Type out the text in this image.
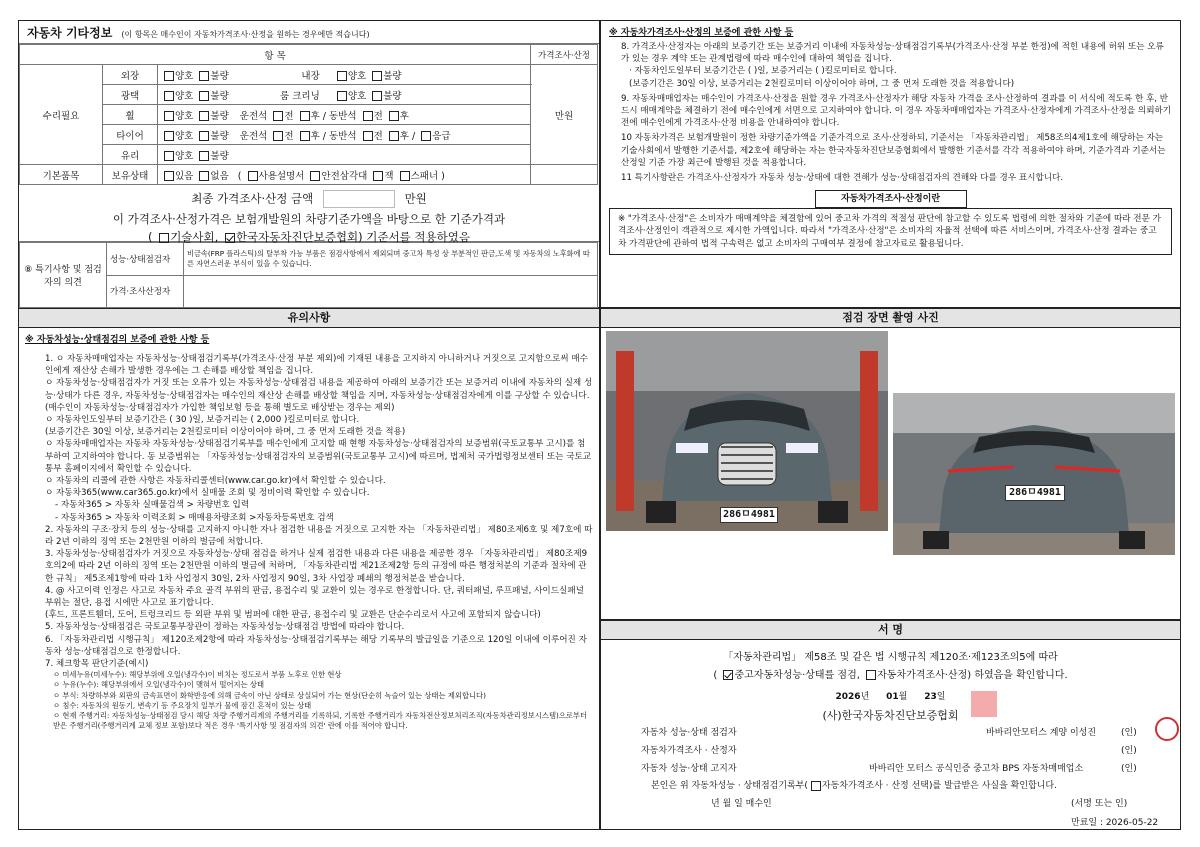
자동차 기타정보 (이 항목은 매수인이 자동차가격조사·산정을 원하는 경우에만 적습니다)
항 목			가격조사·산정
수리필요	외장	양호 불량 내장 양호 불량	만원
	광택	양호 불량 룸 크리닝 양호 불량	
	휠	양호 불량 운전석 전 후 / 동반석 전 후	
	타이어	양호 불량 운전석 전 후 / 동반석 전 후 / 응급	
	유리	양호 불량	
기본품목	보유상태	있음 없음 ( 사용설명서 안전삼각대 잭 스패너 )	
최종 가격조사·산정 금액	만원
이 가격조사·산정가격은 보험개발원의 차량기준가액을 바탕으로 한 기준가격과
( 기술사회, 한국자동차진단보증협회) 기준서를 적용하였음
⑧ 특기사항 및 점검자의 의견	성능·상태점검자	비금속(FRP 플라스틱)의 탈부착 가능 부품은 점검사항에서 제외되며 중고차 특성 상 부분적인 판금,도색 및 자동차의 노후화에 따른 자연스러운 부식이 있을 수 있습니다.
	가격·조사산정자	
※ 자동차가격조사·산정의 보증에 관한 사항 등

8. 가격조사·산정자는 아래의 보증기간 또는 보증거리 이내에 자동차성능·상태점검기록부(가격조사·산정 부분 한정)에 적힌 내용에 허위 또는 오류가 있는 경우 계약 또는 관계법령에 따라 매수인에 대하여 책임을 집니다.

· 자동차인도일부터 보증기간은 ( )일, 보증거리는 ( )킬로미터로 합니다.

(보증기간은 30일 이상, 보증거리는 2천킬로미터 이상이어야 하며, 그 중 먼저 도래한 것을 적용합니다)

9. 자동차매매업자는 매수인이 가격조사·산정을 원할 경우 가격조사·산정자가 해당 자동차 가격을 조사·산정하여 결과를 이 서식에 적도록 한 후, 반드시 매매계약을 체결하기 전에 매수인에게 서면으로 고지하여야 합니다. 이 경우 자동차매매업자는 가격조사·산정자에게 가격조사·산정을 의뢰하기 전에 매수인에게 가격조사·산정 비용을 안내하여야 합니다.

10 자동차가격은 보험개발원이 정한 차량기준가액을 기준가격으로 조사·산정하되, 기준서는 「자동차관리법」 제58조의4제1호에 해당하는 자는 기술사회에서 발행한 기준서를, 제2호에 해당하는 자는 한국자동차진단보증협회에서 발행한 기준서를 각각 적용하여야 하며, 기준가격과 기준서는 산정일 기준 가장 최근에 발행된 것을 적용합니다.

11 특기사항란은 가격조사·산정자가 자동차 성능·상태에 대한 견해가 성능·상태점검자의 견해와 다를 경우 표시합니다.

자동차가격조사·산정이란
※ "가격조사·산정"은 소비자가 매매계약을 체결함에 있어 중고차 가격의 적절성 판단에 참고할 수 있도록 법령에 의한 절차와 기준에 따라 전문 가격조사·산정인이 객관적으로 제시한 가액입니다. 따라서 "가격조사·산정"은 소비자의 자율적 선택에 따른 서비스이며, 가격조사·산정 결과는 중고차 가격판단에 관하여 법적 구속력은 없고 소비자의 구매여부 결정에 참고자료로 활용됩니다.
유의사항
※ 자동차성능·상태점검의 보증에 관한 사항 등

1. ㅇ 자동차매매업자는 자동차성능·상태점검기록부(가격조사·산정 부분 제외)에 기재된 내용을 고지하지 아니하거나 거짓으로 고지함으로써 매수인에게 재산상 손해가 발생한 경우에는 그 손해를 배상할 책임을 집니다.

ㅇ 자동차성능·상태점검자가 거짓 또는 오류가 있는 자동차성능·상태점검 내용을 제공하여 아래의 보증기간 또는 보증거리 이내에 자동차의 실제 성능·상태가 다른 경우, 자동차성능·상태점검자는 매수인의 재산상 손해를 배상할 책임을 지며, 자동차성능·상태점검자에게 이를 구상할 수 있습니다.(매수인이 자동차성능·상태점검자가 가입한 책임보험 등을 통해 별도로 배상받는 경우는 제외)

ㅇ 자동차인도일부터 보증기간은 ( 30 )일, 보증거리는 ( 2,000 )킬로미터로 합니다.

(보증기간은 30일 이상, 보증거리는 2천킬로미터 이상이어야 하며, 그 중 먼저 도래한 것을 적용)

ㅇ 자동차매매업자는 자동차 자동차성능·상태점검기록부를 매수인에게 고지할 때 현행 자동차성능·상태점검자의 보증범위(국토교통부 고시)를 첨부하여 고지하여야 합니다. 동 보증범위는 「자동차성능·상태점검자의 보증범위(국토교통부 고시)에 따르며, 법제처 국가법령정보센터 또는 국토교통부 홈페이지에서 확인할 수 있습니다.

ㅇ 자동차의 리콜에 관한 사항은 자동차리콜센터(www.car.go.kr)에서 확인할 수 있습니다.

ㅇ 자동차365(www.car365.go.kr)에서 실매물 조회 및 정비이력 확인할 수 있습니다.

- 자동차365 > 자동차 실매물검색 > 차량번호 입력

- 자동차365 > 자동차 이력조회 > 매매용차량조회 >자동차등록번호 검색

2. 자동차의 구조·장치 등의 성능·상태를 고지하지 아니한 자나 점검한 내용을 거짓으로 고지한 자는 「자동차관리법」 제80조제6호 및 제7호에 따라 2년 이하의 징역 또는 2천만원 이하의 벌금에 처합니다.

3. 자동차성능·상태점검자가 거짓으로 자동차성능·상태 점검을 하거나 실제 점검한 내용과 다른 내용을 제공한 경우 「자동차관리법」 제80조제9호의2에 따라 2년 이하의 징역 또는 2천만원 이하의 벌금에 처하며, 「자동차관리법 제21조제2항 등의 규정에 따른 행정처분의 기준과 절차에 관한 규칙」 제5조제1항에 따라 1차 사업정지 30일, 2차 사업정지 90일, 3차 사업장 폐쇄의 행정처분을 받습니다.

4. @ 사고이력 인정은 사고로 자동차 주요 골격 부위의 판금, 용접수리 및 교환이 있는 경우로 한정합니다. 단, 쿼터패널, 루프패널, 사이드실패널 부위는 절단, 용접 시에만 사고로 표기합니다.

(후드, 프론트휀더, 도어, 트렁크리드 등 외판 부위 및 범퍼에 대한 판금, 용접수리 및 교환은 단순수리로서 사고에 포함되지 않습니다)

5. 자동차성능·상태점검은 국토교통부장관이 정하는 자동차성능·상태점검 방법에 따라야 합니다.

6. 「자동차관리법 시행규칙」 제120조제2항에 따라 자동차성능·상태점검기록부는 해당 기록부의 발급일을 기준으로 120일 이내에 이루어진 자동차 성능·상태점검으로 한정합니다.

7. 체크항목 판단기준(예시)

ㅇ 미세누유(미세누수): 해당부위에 오일(냉각수)이 비치는 정도로서 부품 노후로 인한 현상

ㅇ 누유(누수): 해당부위에서 오일(냉각수)이 맺혀서 떨어지는 상태

ㅇ 부식: 차량하부와 외판의 금속표면이 화학반응에 의해 금속이 아닌 상태로 상실되어 가는 현상(단순히 녹슬어 있는 상태는 제외합니다)

ㅇ 침수: 자동차의 원동기, 변속기 등 주요장치 일부가 물에 잠긴 흔적이 있는 상태

ㅇ 현재 주행거리: 자동차성능·상태점검 당시 해당 차량 주행거리계의 주행거리를 기록하되, 기록한 주행거리가 자동차전산정보처리조직(자동차관리정보시스템)으로부터 받은 주행거리(주행거리계 교체 정보 포함)보다 적은 경우 '특기사항 및 점검자의 의견' 란에 이를 적어야 합니다.

점검 장면 촬영 사진
286ㅁ4981
286ㅁ4981
서 명
「자동차관리법」 제58조 및 같은 법 시행규칙 제120조·제123조의5에 따라
( 중고자동차성능·상태를 점검, 자동차가격조사·산정) 하였음을 확인합니다.
2026년 01월 23일
(사)한국자동차진단보증협회
자동차 성능·상태 점검자	바바리안모터스 계양 이성진	(인)
자동차가격조사 · 산정자	(인)
자동차 성능·상태 고지자	바바리안 모터스 공식인증 중고차 BPS 자동차매매업소	(인)
본인은 위 자동차성능 · 상태점검기록부( 자동차가격조사 · 산정 선택)를 발급받은 사실을 확인합니다.
년 월 일 매수인	(서명 또는 인)
만료일 : 2026-05-22
